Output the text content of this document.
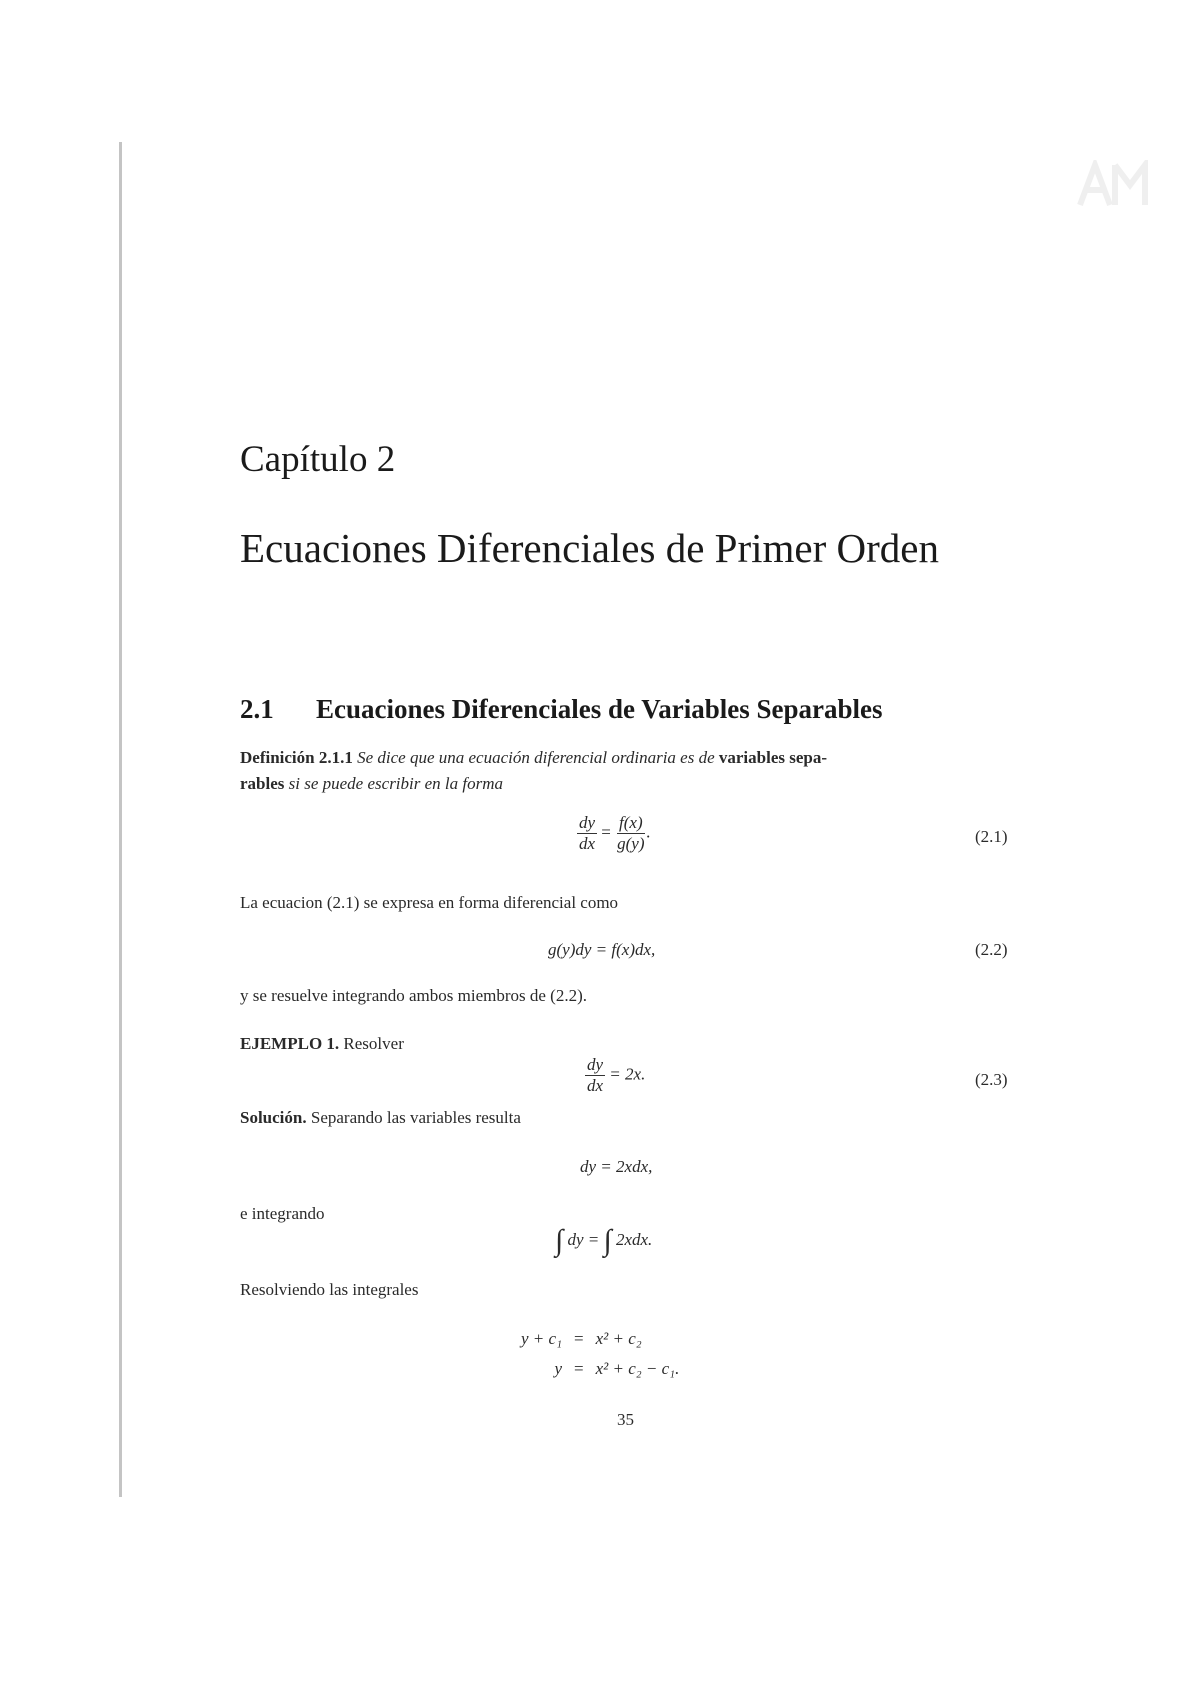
Capítulo 2
Ecuaciones Diferenciales de Primer Orden
2.1 Ecuaciones Diferenciales de Variables Separables
Definición 2.1.1 Se dice que una ecuación diferencial ordinaria es de variables sepa-
rables si se puede escribir en la forma
$\frac{dy}{dx} = \frac{f(x)}{g(y)}$ .	(2.1)
La ecuacion (2.1) se expresa en forma diferencial como
g(y)dy = f(x)dx,	(2.2)
y se resuelve integrando ambos miembros de (2.2).
EJEMPLO 1. Resolver
$\frac{dy}{dx} = 2x$.	(2.3)
Solución. Separando las variables resulta
dy = 2xdx,
e integrando
∫ dy = ∫ 2xdx.
Resolviendo las integrales
y + c₁	=	x² + c₂
y	=	x² + c₂ − c₁.
35
